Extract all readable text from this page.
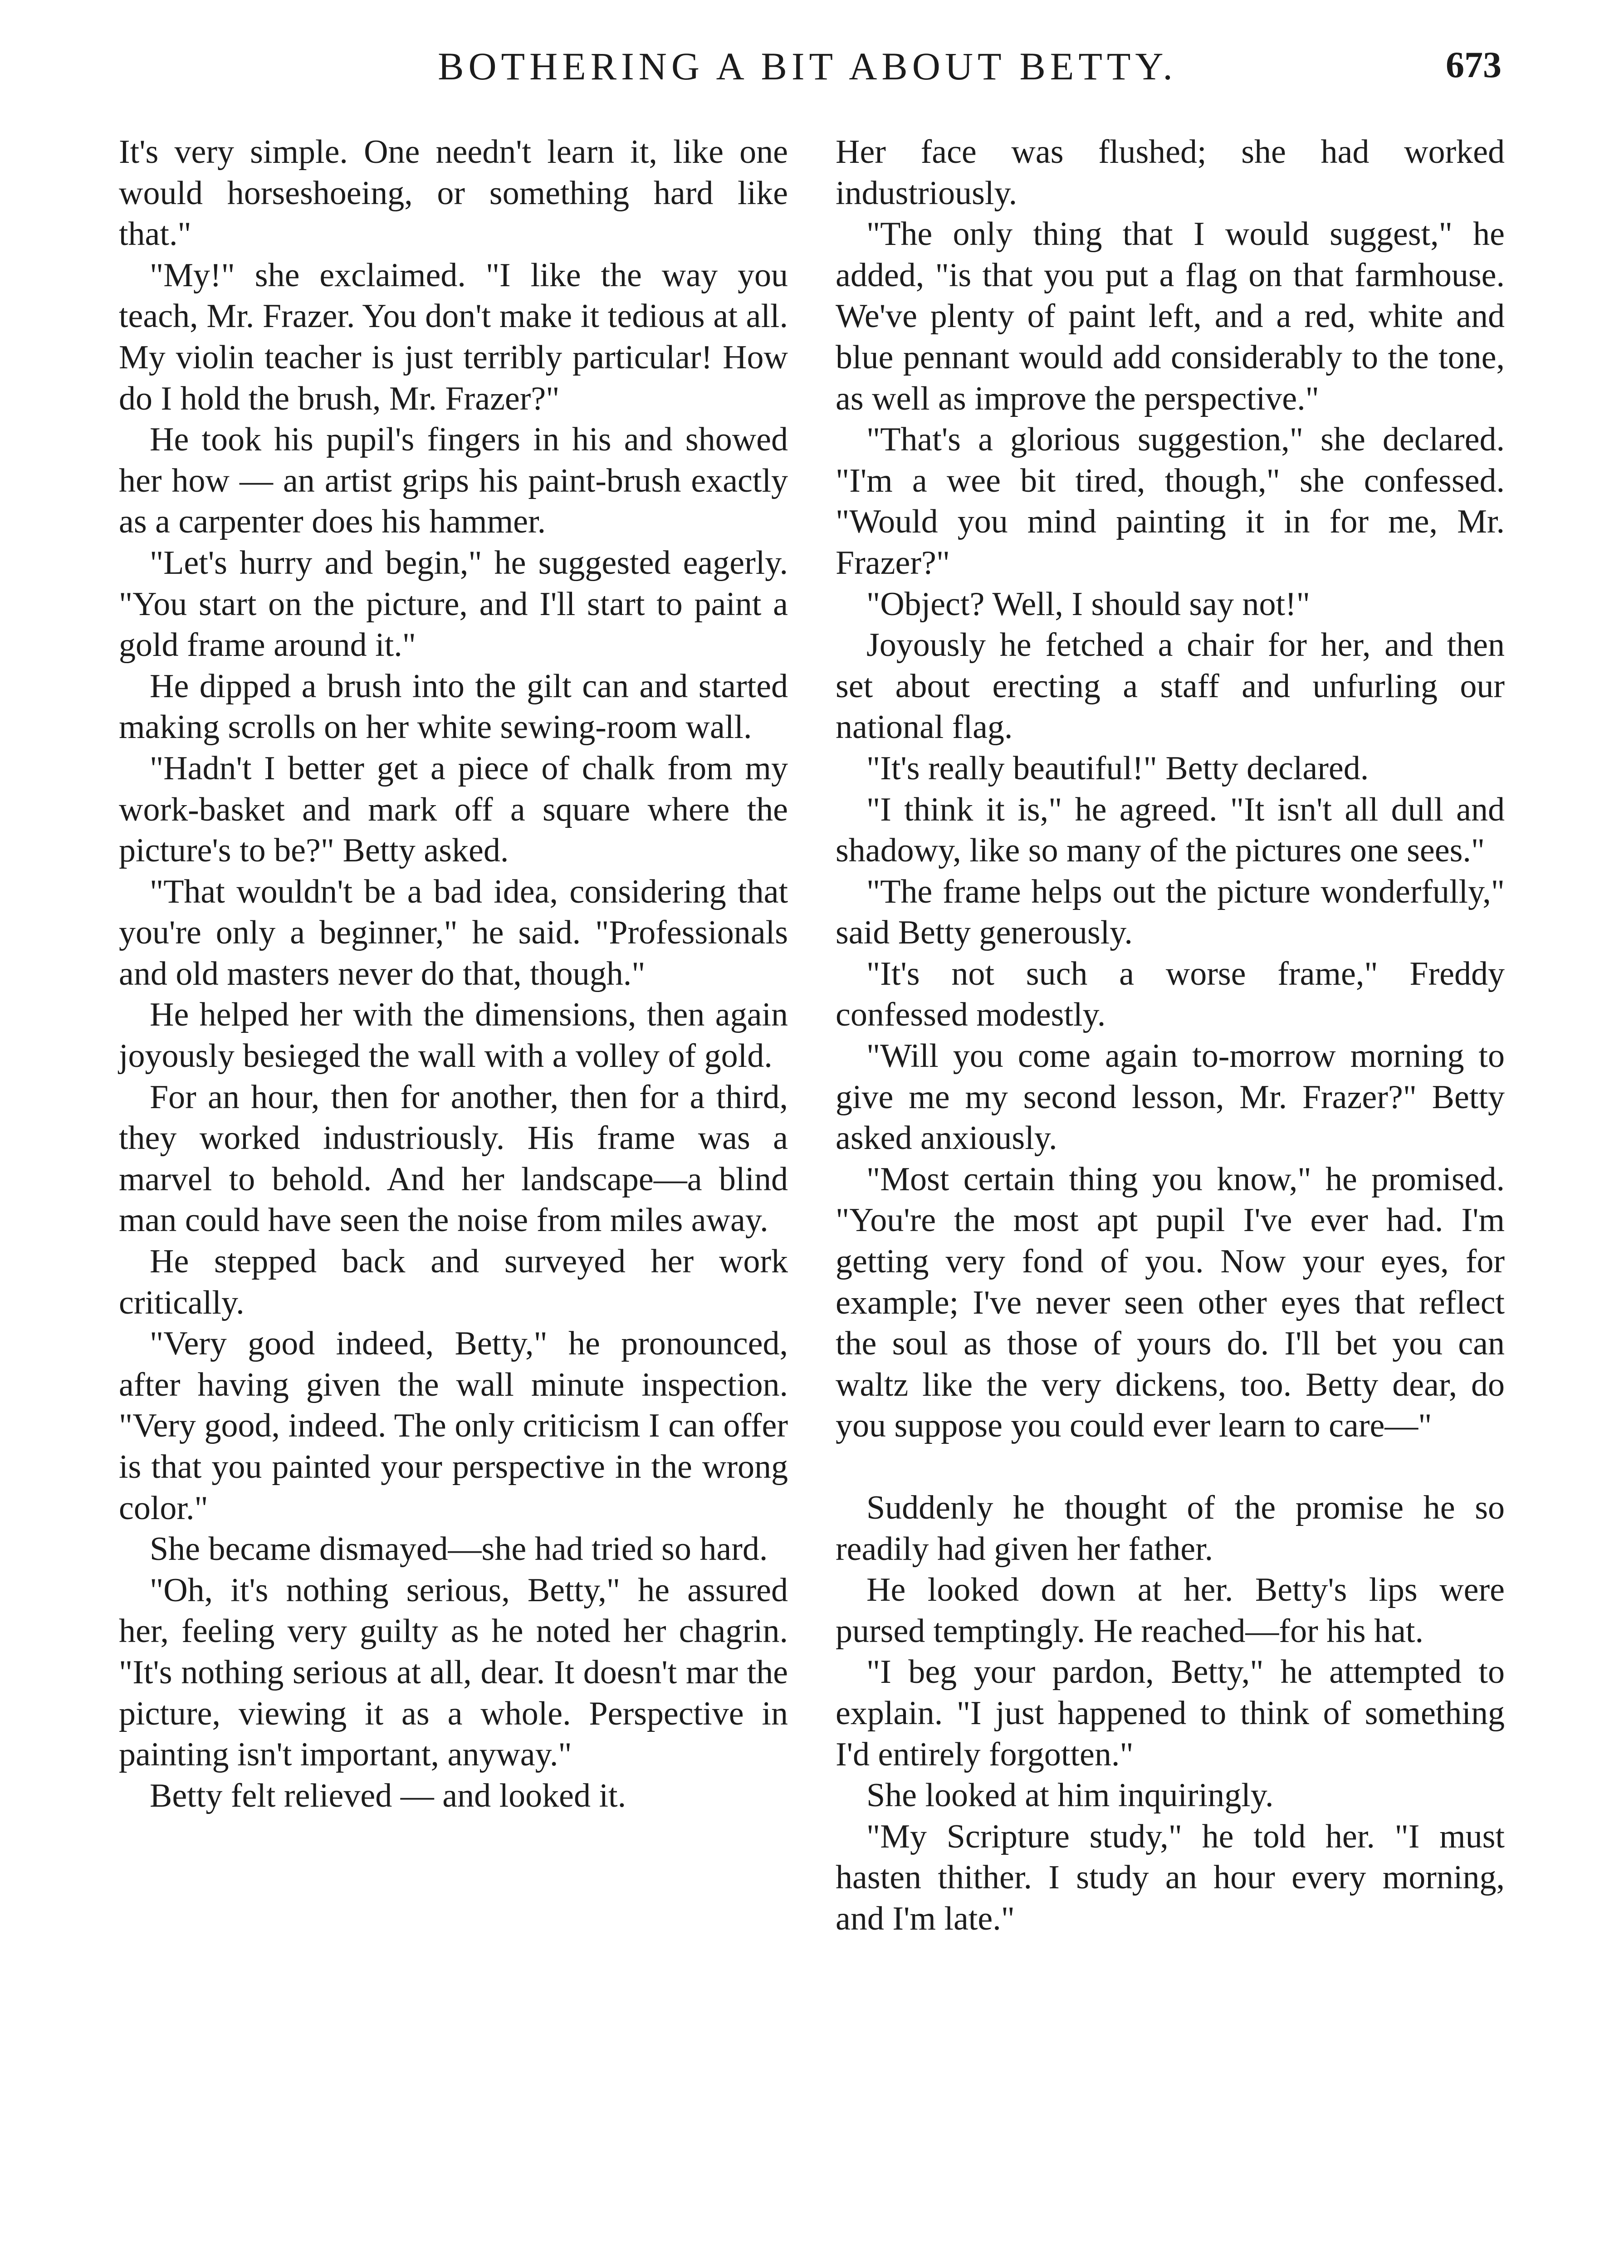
BOTHERING A BIT ABOUT BETTY.	673

It's very simple. One needn't learn it, like one would horseshoeing, or something hard like that."

"My!" she exclaimed. "I like the way you teach, Mr. Frazer. You don't make it tedious at all. My violin teacher is just terribly particular! How do I hold the brush, Mr. Frazer?"

He took his pupil's fingers in his and showed her how — an artist grips his paint-brush exactly as a carpenter does his hammer.

"Let's hurry and begin," he suggested eagerly. "You start on the picture, and I'll start to paint a gold frame around it."

He dipped a brush into the gilt can and started making scrolls on her white sewing-room wall.

"Hadn't I better get a piece of chalk from my work-basket and mark off a square where the picture's to be?" Betty asked.

"That wouldn't be a bad idea, considering that you're only a beginner," he said. "Professionals and old masters never do that, though."

He helped her with the dimensions, then again joyously besieged the wall with a volley of gold.

For an hour, then for another, then for a third, they worked industriously. His frame was a marvel to behold. And her landscape—a blind man could have seen the noise from miles away.

He stepped back and surveyed her work critically.

"Very good indeed, Betty," he pronounced, after having given the wall minute inspection. "Very good, indeed. The only criticism I can offer is that you painted your perspective in the wrong color."

She became dismayed—she had tried so hard.

"Oh, it's nothing serious, Betty," he assured her, feeling very guilty as he noted her chagrin. "It's nothing serious at all, dear. It doesn't mar the picture, viewing it as a whole. Perspective in painting isn't important, anyway."

Betty felt relieved — and looked it.

Her face was flushed; she had worked industriously.

"The only thing that I would suggest," he added, "is that you put a flag on that farmhouse. We've plenty of paint left, and a red, white and blue pennant would add considerably to the tone, as well as improve the perspective."

"That's a glorious suggestion," she declared. "I'm a wee bit tired, though," she confessed. "Would you mind painting it in for me, Mr. Frazer?"

"Object? Well, I should say not!"

Joyously he fetched a chair for her, and then set about erecting a staff and unfurling our national flag.

"It's really beautiful!" Betty declared.

"I think it is," he agreed. "It isn't all dull and shadowy, like so many of the pictures one sees."

"The frame helps out the picture wonderfully," said Betty generously.

"It's not such a worse frame," Freddy confessed modestly.

"Will you come again to-morrow morning to give me my second lesson, Mr. Frazer?" Betty asked anxiously.

"Most certain thing you know," he promised. "You're the most apt pupil I've ever had. I'm getting very fond of you. Now your eyes, for example; I've never seen other eyes that reflect the soul as those of yours do. I'll bet you can waltz like the very dickens, too. Betty dear, do you suppose you could ever learn to care—"

Suddenly he thought of the promise he so readily had given her father.

He looked down at her. Betty's lips were pursed temptingly. He reached—for his hat.

"I beg your pardon, Betty," he attempted to explain. "I just happened to think of something I'd entirely forgotten."

She looked at him inquiringly.

"My Scripture study," he told her. "I must hasten thither. I study an hour every morning, and I'm late."
